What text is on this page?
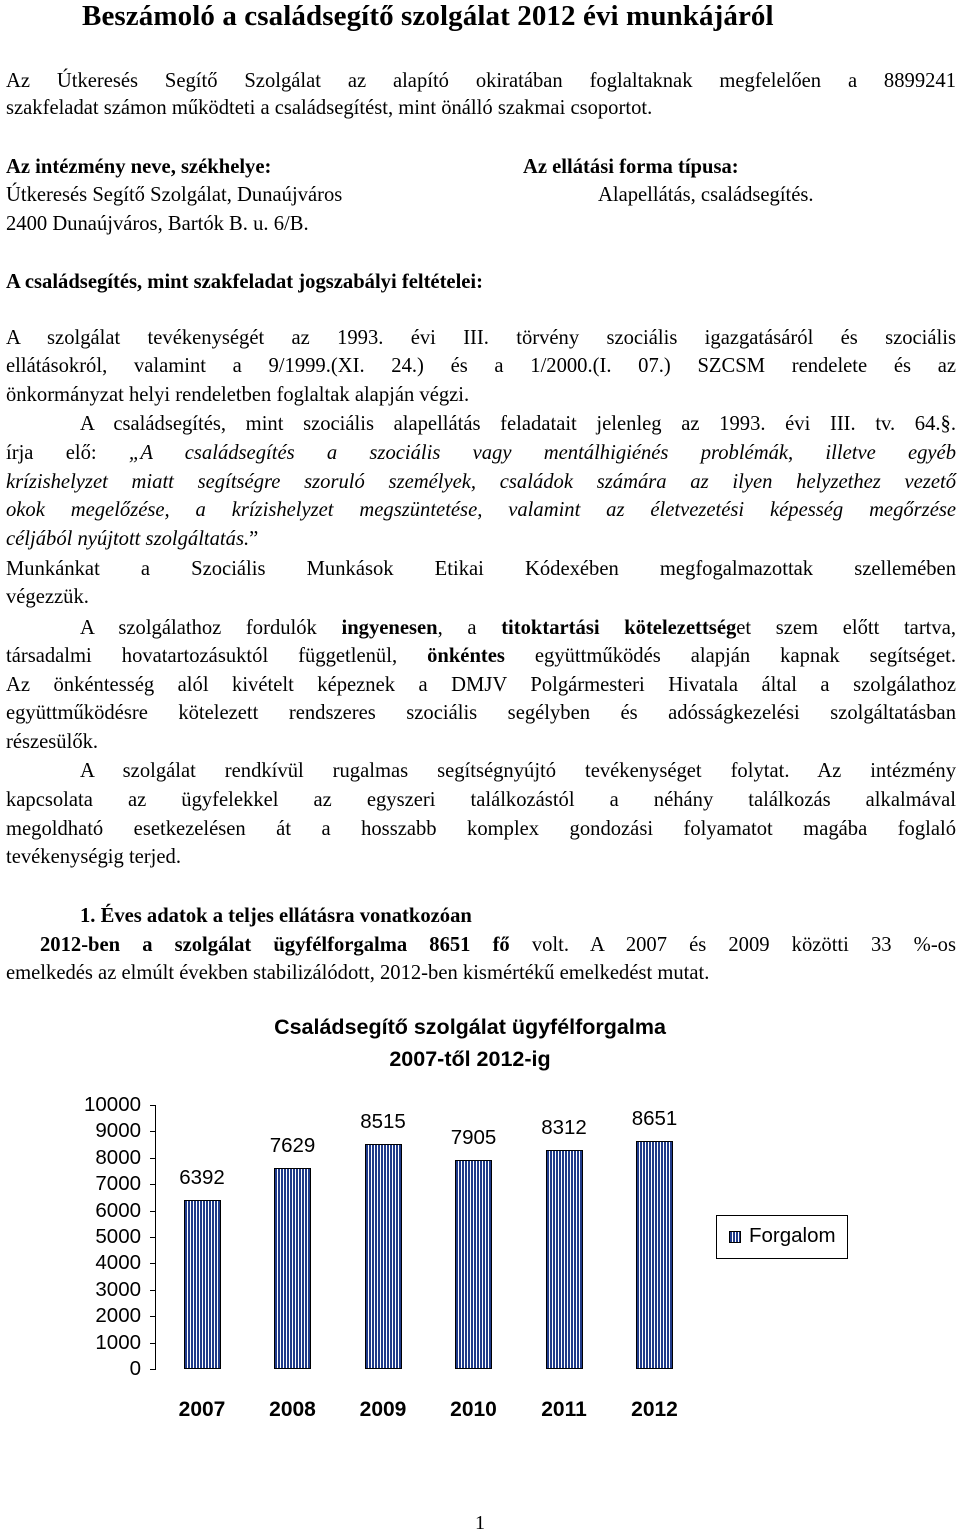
Beszámoló a családsegítő szolgálat 2012 évi munkájáról
Az Útkeresés Segítő Szolgálat az alapító okiratában foglaltaknak megfelelően a 8899241
szakfeladat számon működteti a családsegítést, mint önálló szakmai csoportot.
Az intézmény neve, székhelye:
Útkeresés Segítő Szolgálat, Dunaújváros
2400 Dunaújváros, Bartók B. u. 6/B.
Az ellátási forma típusa:
Alapellátás, családsegítés.
A családsegítés, mint szakfeladat jogszabályi feltételei:
A szolgálat tevékenységét az 1993. évi III. törvény szociális igazgatásáról és szociális
ellátásokról, valamint a 9/1999.(XI. 24.) és a 1/2000.(I. 07.) SZCSM rendelete és az
önkormányzat helyi rendeletben foglaltak alapján végzi.
A családsegítés, mint szociális alapellátás feladatait jelenleg az 1993. évi III. tv. 64.§.
írja elő: „A családsegítés a szociális vagy mentálhigiénés problémák, illetve egyéb
krízishelyzet miatt segítségre szoruló személyek, családok számára az ilyen helyzethez vezető
okok megelőzése, a krízishelyzet megszüntetése, valamint az életvezetési képesség megőrzése
céljából nyújtott szolgáltatás.”
Munkánkat a Szociális Munkások Etikai Kódexében megfogalmazottak szellemében
végezzük.
A szolgálathoz fordulók ingyenesen, a titoktartási kötelezettséget szem előtt tartva,
társadalmi hovatartozásuktól függetlenül, önkéntes együttműködés alapján kapnak segítséget.
Az önkéntesség alól kivételt képeznek a DMJV Polgármesteri Hivatala által a szolgálathoz
együttműködésre kötelezett rendszeres szociális segélyben és adósságkezelési szolgáltatásban
részesülők.
A szolgálat rendkívül rugalmas segítségnyújtó tevékenységet folytat. Az intézmény
kapcsolata az ügyfelekkel az egyszeri találkozástól a néhány találkozás alkalmával
megoldható esetkezelésen át a hosszabb komplex gondozási folyamatot magába foglaló
tevékenységig terjed.
1. Éves adatok a teljes ellátásra vonatkozóan
2012-ben a szolgálat ügyfélforgalma 8651 fő volt. A 2007 és 2009 közötti 33 %-os
emelkedés az elmúlt években stabilizálódott, 2012-ben kismértékű emelkedést mutat.
Családsegítő szolgálat ügyfélforgalma
2007-től 2012-ig
10000
9000
8000
7000
6000
5000
4000
3000
2000
1000
0
6392
2007
7629
2008
8515
2009
7905
2010
8312
2011
8651
2012
Forgalom
1
